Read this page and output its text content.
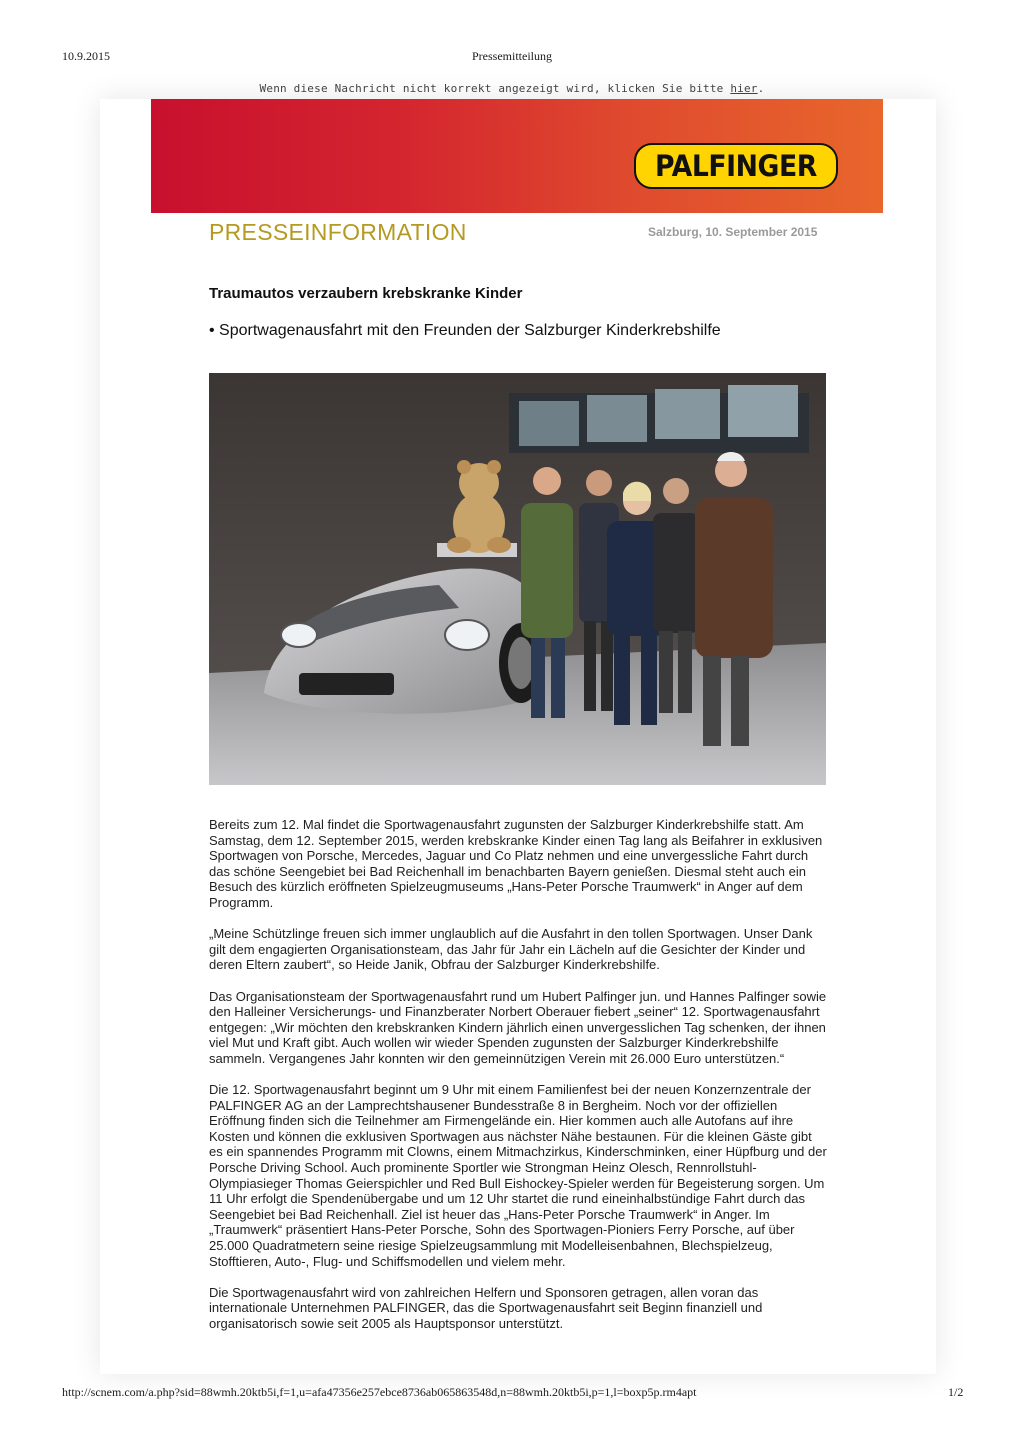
10.9.2015	Pressemitteilung
Wenn diese Nachricht nicht korrekt angezeigt wird, klicken Sie bitte hier.
PALFINGER
PRESSEINFORMATION	Salzburg, 10. September 2015
Traumautos verzaubern krebskranke Kinder
• Sportwagenausfahrt mit den Freunden der Salzburger Kinderkrebshilfe

Bereits zum 12. Mal findet die Sportwagenausfahrt zugunsten der Salzburger Kinderkrebshilfe statt. Am Samstag, dem 12. September 2015, werden krebskranke Kinder einen Tag lang als Beifahrer in exklusiven Sportwagen von Porsche, Mercedes, Jaguar und Co Platz nehmen und eine unvergessliche Fahrt durch das schöne Seengebiet bei Bad Reichenhall im benachbarten Bayern genießen. Diesmal steht auch ein Besuch des kürzlich eröffneten Spielzeugmuseums „Hans-Peter Porsche Traumwerk“ in Anger auf dem Programm.

„Meine Schützlinge freuen sich immer unglaublich auf die Ausfahrt in den tollen Sportwagen. Unser Dank gilt dem engagierten Organisationsteam, das Jahr für Jahr ein Lächeln auf die Gesichter der Kinder und deren Eltern zaubert“, so Heide Janik, Obfrau der Salzburger Kinderkrebshilfe.

Das Organisationsteam der Sportwagenausfahrt rund um Hubert Palfinger jun. und Hannes Palfinger sowie den Halleiner Versicherungs- und Finanzberater Norbert Oberauer fiebert „seiner“ 12. Sportwagenausfahrt entgegen: „Wir möchten den krebskranken Kindern jährlich einen unvergesslichen Tag schenken, der ihnen viel Mut und Kraft gibt. Auch wollen wir wieder Spenden zugunsten der Salzburger Kinderkrebshilfe sammeln. Vergangenes Jahr konnten wir den gemeinnützigen Verein mit 26.000 Euro unterstützen.“

Die 12. Sportwagenausfahrt beginnt um 9 Uhr mit einem Familienfest bei der neuen Konzernzentrale der PALFINGER AG an der Lamprechtshausener Bundesstraße 8 in Bergheim. Noch vor der offiziellen Eröffnung finden sich die Teilnehmer am Firmengelände ein. Hier kommen auch alle Autofans auf ihre Kosten und können die exklusiven Sportwagen aus nächster Nähe bestaunen. Für die kleinen Gäste gibt es ein spannendes Programm mit Clowns, einem Mitmachzirkus, Kinderschminken, einer Hüpfburg und der Porsche Driving School. Auch prominente Sportler wie Strongman Heinz Olesch, Rennrollstuhl-Olympiasieger Thomas Geierspichler und Red Bull Eishockey-Spieler werden für Begeisterung sorgen. Um 11 Uhr erfolgt die Spendenübergabe und um 12 Uhr startet die rund eineinhalbstündige Fahrt durch das Seengebiet bei Bad Reichenhall. Ziel ist heuer das „Hans-Peter Porsche Traumwerk“ in Anger. Im „Traumwerk“ präsentiert Hans-Peter Porsche, Sohn des Sportwagen-Pioniers Ferry Porsche, auf über 25.000 Quadratmetern seine riesige Spielzeugsammlung mit Modelleisenbahnen, Blechspielzeug, Stofftieren, Auto-, Flug- und Schiffsmodellen und vielem mehr.

Die Sportwagenausfahrt wird von zahlreichen Helfern und Sponsoren getragen, allen voran das internationale Unternehmen PALFINGER, das die Sportwagenausfahrt seit Beginn finanziell und organisatorisch sowie seit 2005 als Hauptsponsor unterstützt.

http://scnem.com/a.php?sid=88wmh.20ktb5i,f=1,u=afa47356e257ebce8736ab065863548d,n=88wmh.20ktb5i,p=1,l=boxp5p.rm4apt	1/2
